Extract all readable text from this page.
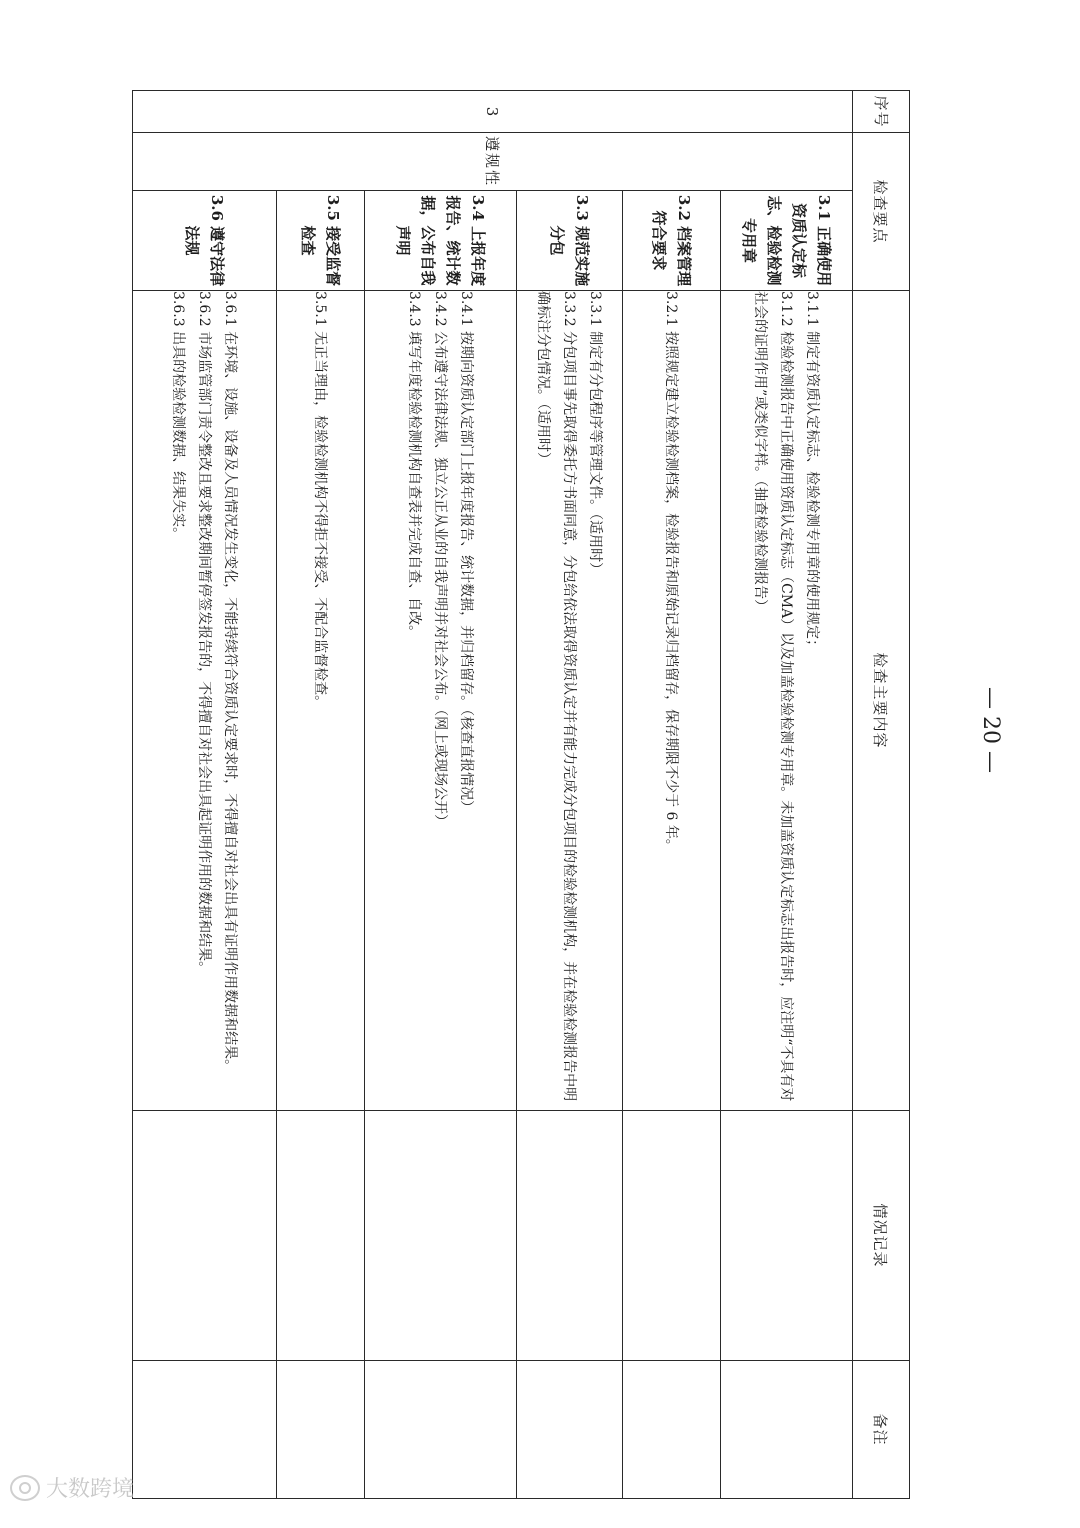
序号	检查要点		检查主要内容	情况记录	备注
3	遵规性	3.1 正确使用资质认定标志、检验检测专用章	3.1.1 制定有资质认定标志、检验检测专用章的使用规定；
3.1.2 检验检测报告中正确使用资质认定标志（CMA）以及加盖检验检测专用章。未加盖资质认定标志出报告时，应注明“不具有对社会的证明作用”或类似字样。（抽查检验检测报告）		

		3.2 档案管理符合要求	3.2.1 按照规定建立检验检测档案，检验报告和原始记录归档留存，保存期限不少于 6 年。		

		3.3 规范实施分包	3.3.1 制定有分包程序等管理文件。（适用时）
3.3.2 分包项目事先取得委托方书面同意，分包给依法取得资质认定并有能力完成分包项目的检验检测机构，并在检验检测报告中明确标注分包情况。（适用时）		

		3.4 上报年度报告、统计数据，公布自我声明	3.4.1 按期向资质认定部门上报年度报告、统计数据，并归档留存。（核查直报情况）
3.4.2 公布遵守法律法规、独立公正从业的自我声明并对社会公布。（网上或现场公开）
3.4.3 填写年度检验检测机构自查表并完成自查、自改。		

		3.5 接受监督检查	3.5.1 无正当理由，检验检测机构不得拒不接受、不配合监督检查。		

		3.6 遵守法律法规	3.6.1 在环境、设施、设备及人员情况发生变化，不能持续符合资质认定要求时，不得擅自对社会出具有证明作用数据和结果。
3.6.2 市场监管部门责令整改且要求整改期间暂停签发报告的，不得擅自对社会出具起证明作用的数据和结果。
3.6.3 出具的检验检测数据、结果失实。		

— 20 —
大数跨境
